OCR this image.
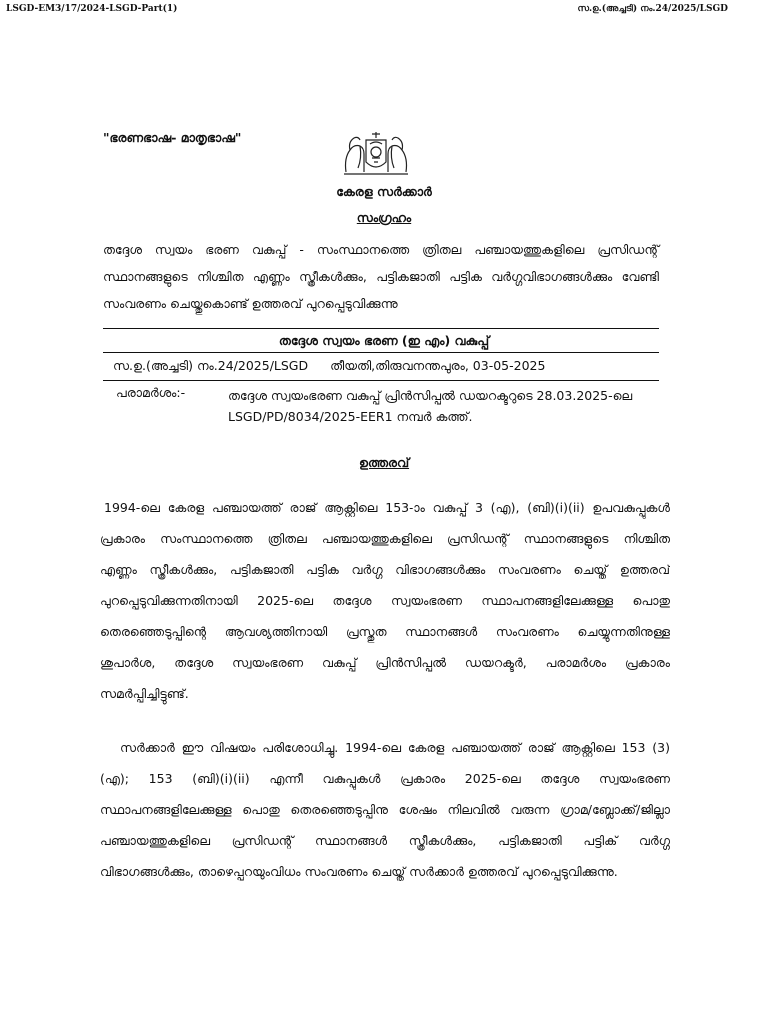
LSGD-EM3/17/2024-LSGD-Part(1)	സ.ഉ.(അച്ചടി) നം.24/2025/LSGD
"ഭരണഭാഷ- മാതൃഭാഷ"
കേരള സർക്കാർ
സംഗ്രഹം
തദ്ദേശ സ്വയം ഭരണ വകുപ്പ് - സംസ്ഥാനത്തെ ത്രിതല പഞ്ചായത്തുകളിലെ പ്രസിഡന്റ്
സ്ഥാനങ്ങളുടെ നിശ്ചിത എണ്ണം സ്ത്രീകൾക്കും, പട്ടികജാതി പട്ടിക വർഗ്ഗവിഭാഗങ്ങൾക്കും വേണ്ടി
സംവരണം ചെയ്തുകൊണ്ട് ഉത്തരവ് പുറപ്പെടുവിക്കുന്നു
തദ്ദേശ സ്വയം ഭരണ (ഇ എം) വകുപ്പ്
സ.ഉ.(അച്ചടി) നം.24/2025/LSGD തീയതി,തിരുവനന്തപുരം, 03-05-2025
പരാമർശം:-	തദ്ദേശ സ്വയംഭരണ വകുപ്പ് പ്രിൻസിപ്പൽ ഡയറക്ടറുടെ 28.03.2025-ലെ
LSGD/PD/8034/2025-EER1 നമ്പർ കത്ത്.
ഉത്തരവ്
1994-ലെ കേരള പഞ്ചായത്ത് രാജ് ആക്റ്റിലെ 153-ാം വകുപ്പ് 3 (എ), (ബി)(i)(ii) ഉപവകുപ്പുകൾ
പ്രകാരം സംസ്ഥാനത്തെ ത്രിതല പഞ്ചായത്തുകളിലെ പ്രസിഡന്റ് സ്ഥാനങ്ങളുടെ നിശ്ചിത
എണ്ണം സ്ത്രീകൾക്കും, പട്ടികജാതി പട്ടിക വർഗ്ഗ വിഭാഗങ്ങൾക്കും സംവരണം ചെയ്ത് ഉത്തരവ്
പുറപ്പെടുവിക്കുന്നതിനായി 2025-ലെ തദ്ദേശ സ്വയംഭരണ സ്ഥാപനങ്ങളിലേക്കുള്ള പൊതു
തെരഞ്ഞെടുപ്പിന്റെ ആവശ്യത്തിനായി പ്രസ്തുത സ്ഥാനങ്ങൾ സംവരണം ചെയ്യുന്നതിനുള്ള
ശുപാർശ, തദ്ദേശ സ്വയംഭരണ വകുപ്പ് പ്രിൻസിപ്പൽ ഡയറക്ടർ, പരാമർശം പ്രകാരം
സമർപ്പിച്ചിട്ടുണ്ട്.
സർക്കാർ ഈ വിഷയം പരിശോധിച്ചു. 1994-ലെ കേരള പഞ്ചായത്ത് രാജ് ആക്റ്റിലെ 153 (3)
(എ); 153 (ബി)(i)(ii) എന്നീ വകുപ്പുകൾ പ്രകാരം 2025-ലെ തദ്ദേശ സ്വയംഭരണ
സ്ഥാപനങ്ങളിലേക്കുള്ള പൊതു തെരഞ്ഞെടുപ്പിനു ശേഷം നിലവിൽ വരുന്ന ഗ്രാമ/ബ്ലോക്ക്/ജില്ലാ
പഞ്ചായത്തുകളിലെ പ്രസിഡന്റ് സ്ഥാനങ്ങൾ സ്ത്രീകൾക്കും, പട്ടികജാതി പട്ടിക് വർഗ്ഗ
വിഭാഗങ്ങൾക്കും, താഴെപ്പറയുംവിധം സംവരണം ചെയ്ത് സർക്കാർ ഉത്തരവ് പുറപ്പെടുവിക്കുന്നു.
